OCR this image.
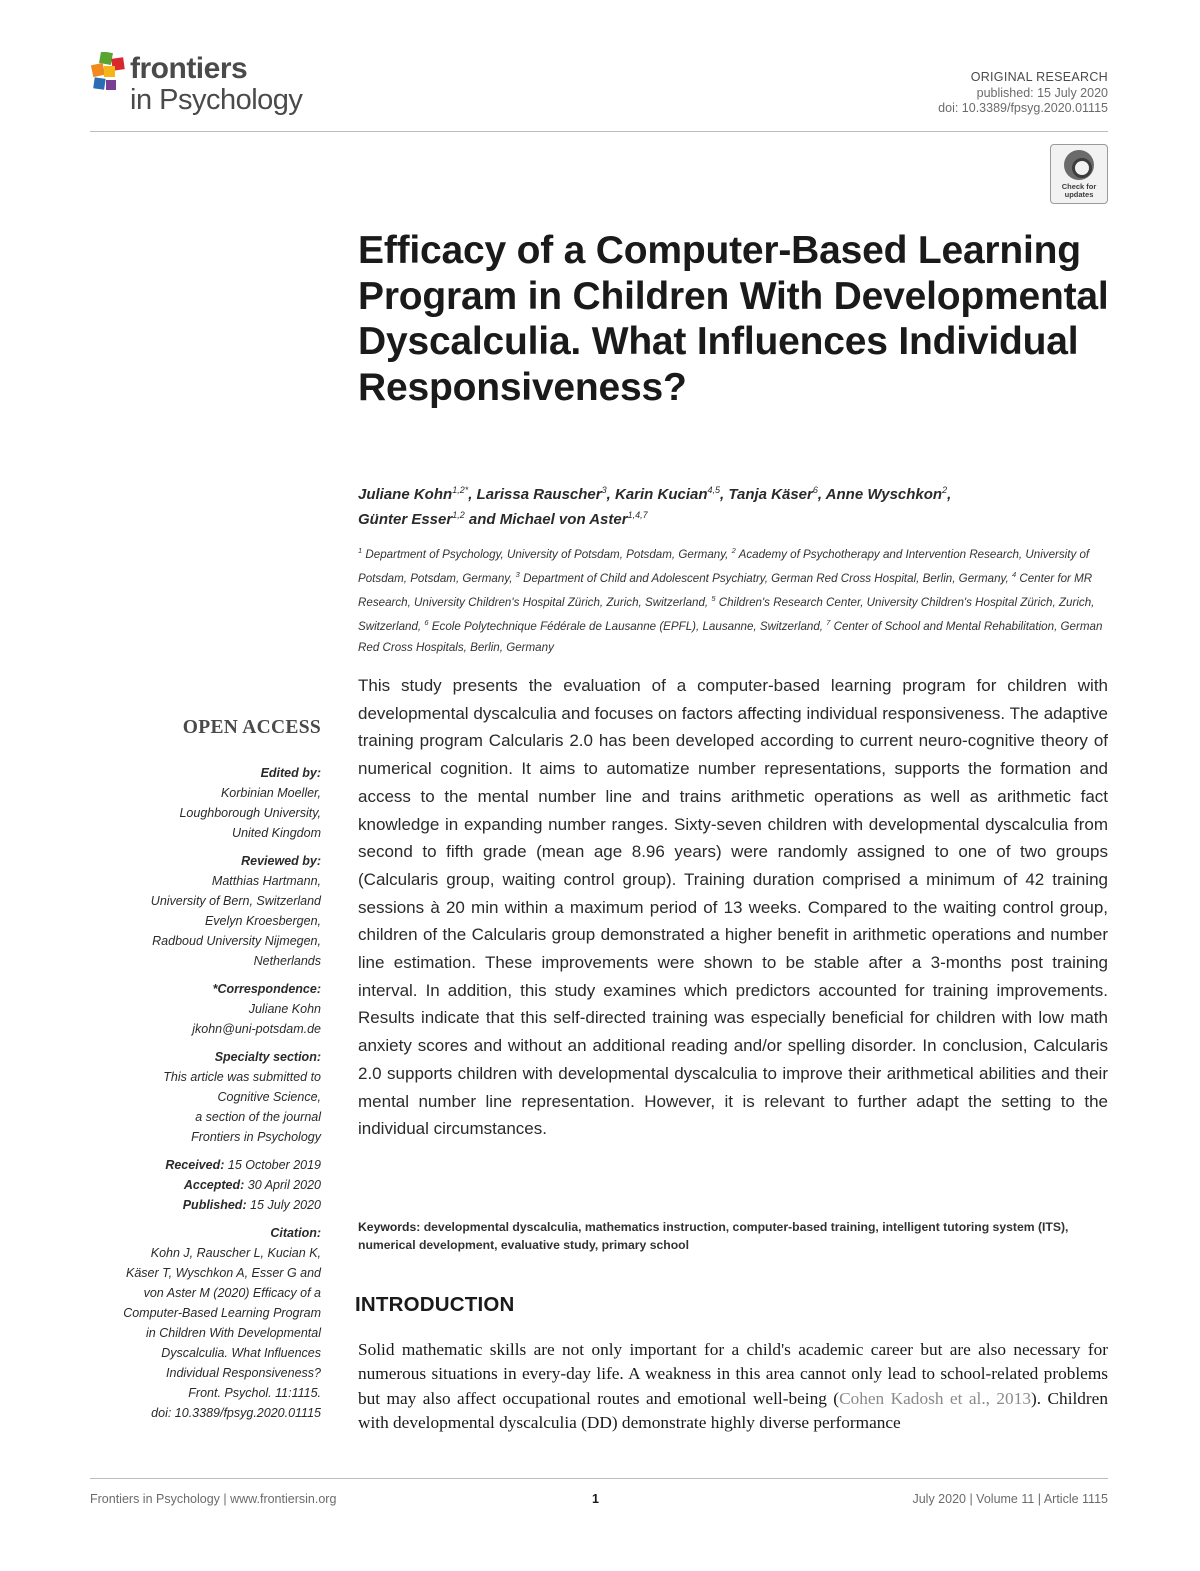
frontiers
in Psychology
ORIGINAL RESEARCH
published: 15 July 2020
doi: 10.3389/fpsyg.2020.01115
Check for updates
Efficacy of a Computer-Based Learning Program in Children With Developmental Dyscalculia. What Influences Individual Responsiveness?
Juliane Kohn$^{1,2*}$, Larissa Rauscher$^3$, Karin Kucian$^{4,5}$, Tanja Käser$^6$, Anne Wyschkon$^2$,
Günter Esser$^{1,2}$ and Michael von Aster$^{1,4,7}$
$^1$ Department of Psychology, University of Potsdam, Potsdam, Germany, $^2$ Academy of Psychotherapy and Intervention Research, University of Potsdam, Potsdam, Germany, $^3$ Department of Child and Adolescent Psychiatry, German Red Cross Hospital, Berlin, Germany, $^4$ Center for MR Research, University Children's Hospital Zürich, Zurich, Switzerland, $^5$ Children's Research Center, University Children's Hospital Zürich, Zurich, Switzerland, $^6$ Ecole Polytechnique Fédérale de Lausanne (EPFL), Lausanne, Switzerland, $^7$ Center of School and Mental Rehabilitation, German Red Cross Hospitals, Berlin, Germany

This study presents the evaluation of a computer-based learning program for children with developmental dyscalculia and focuses on factors affecting individual responsiveness. The adaptive training program Calcularis 2.0 has been developed according to current neuro-cognitive theory of numerical cognition. It aims to automatize number representations, supports the formation and access to the mental number line and trains arithmetic operations as well as arithmetic fact knowledge in expanding number ranges. Sixty-seven children with developmental dyscalculia from second to fifth grade (mean age 8.96 years) were randomly assigned to one of two groups (Calcularis group, waiting control group). Training duration comprised a minimum of 42 training sessions à 20 min within a maximum period of 13 weeks. Compared to the waiting control group, children of the Calcularis group demonstrated a higher benefit in arithmetic operations and number line estimation. These improvements were shown to be stable after a 3-months post training interval. In addition, this study examines which predictors accounted for training improvements. Results indicate that this self-directed training was especially beneficial for children with low math anxiety scores and without an additional reading and/or spelling disorder. In conclusion, Calcularis 2.0 supports children with developmental dyscalculia to improve their arithmetical abilities and their mental number line representation. However, it is relevant to further adapt the setting to the individual circumstances.

Keywords: developmental dyscalculia, mathematics instruction, computer-based training, intelligent tutoring system (ITS), numerical development, evaluative study, primary school
INTRODUCTION

Solid mathematic skills are not only important for a child's academic career but are also necessary for numerous situations in every-day life. A weakness in this area cannot only lead to school-related problems but may also affect occupational routes and emotional well-being (Cohen Kadosh et al., 2013). Children with developmental dyscalculia (DD) demonstrate highly diverse performance

OPEN ACCESS
Edited by:
Korbinian Moeller,
Loughborough University,
United Kingdom
Reviewed by:
Matthias Hartmann,
University of Bern, Switzerland
Evelyn Kroesbergen,
Radboud University Nijmegen,
Netherlands
*Correspondence:
Juliane Kohn
jkohn@uni-potsdam.de
Specialty section:
This article was submitted to
Cognitive Science,
a section of the journal
Frontiers in Psychology
Received: 15 October 2019
Accepted: 30 April 2020
Published: 15 July 2020
Citation:
Kohn J, Rauscher L, Kucian K,
Käser T, Wyschkon A, Esser G and
von Aster M (2020) Efficacy of a
Computer-Based Learning Program
in Children With Developmental
Dyscalculia. What Influences
Individual Responsiveness?
Front. Psychol. 11:1115.
doi: 10.3389/fpsyg.2020.01115
Frontiers in Psychology | www.frontiersin.org	1	July 2020 | Volume 11 | Article 1115
